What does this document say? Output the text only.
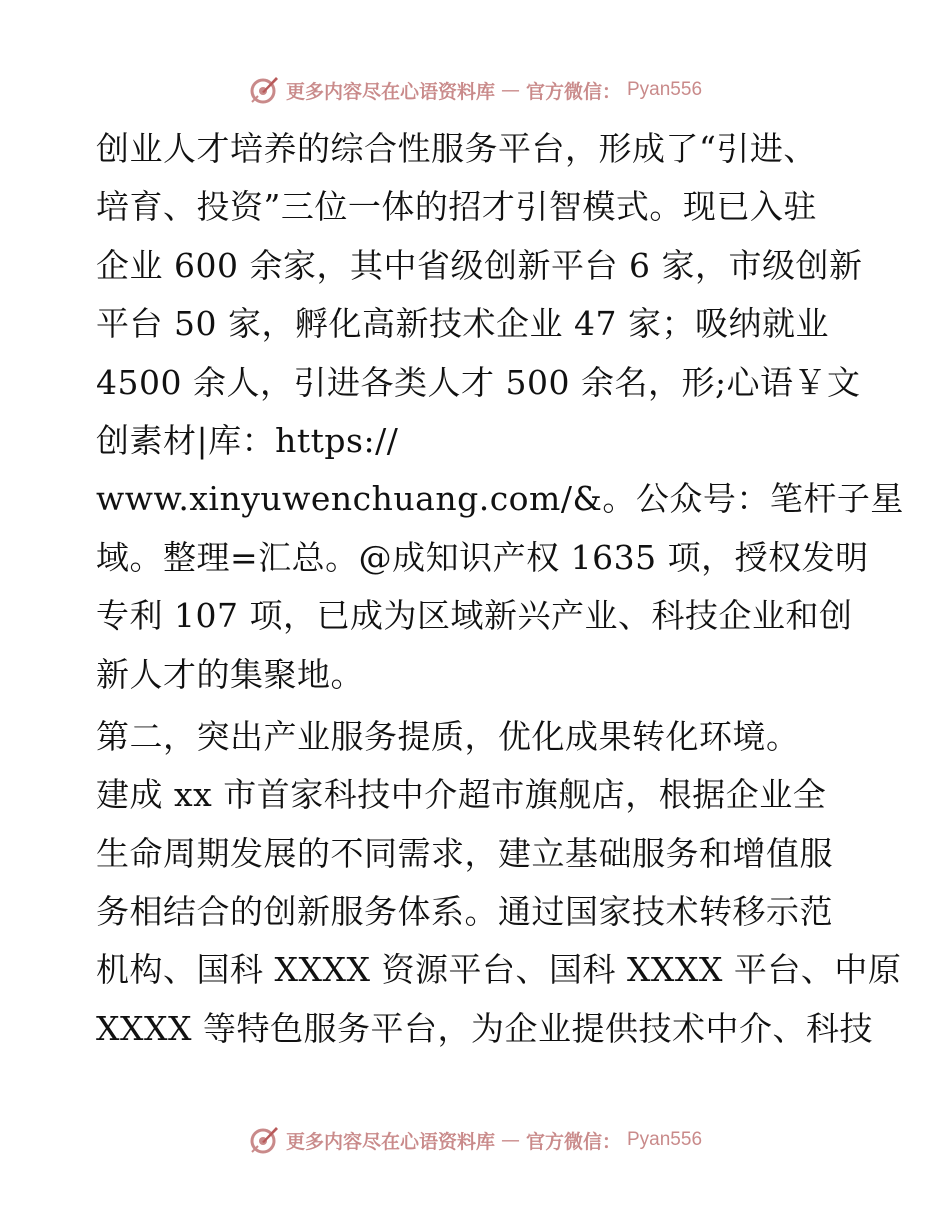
更多内容尽在心语资料库 — 官方微信： Pyan556
创业人才培养的综合性服务平台，形成了“引进、
培育、投资”三位一体的招才引智模式。现已入驻
企业 600 余家，其中省级创新平台 6 家，市级创新
平台 50 家，孵化高新技术企业 47 家；吸纳就业
4500 余人，引进各类人才 500 余名，形;心语￥文
创素材|库：https://
www.xinyuwenchuang.com/&。公众号：笔杆子星
域。整理=汇总。@成知识产权 1635 项，授权发明
专利 107 项，已成为区域新兴产业、科技企业和创
新人才的集聚地。
第二，突出产业服务提质，优化成果转化环境。
建成 xx 市首家科技中介超市旗舰店，根据企业全
生命周期发展的不同需求，建立基础服务和增值服
务相结合的创新服务体系。通过国家技术转移示范
机构、国科 XXXX 资源平台、国科 XXXX 平台、中原
XXXX 等特色服务平台，为企业提供技术中介、科技
更多内容尽在心语资料库 — 官方微信： Pyan556
